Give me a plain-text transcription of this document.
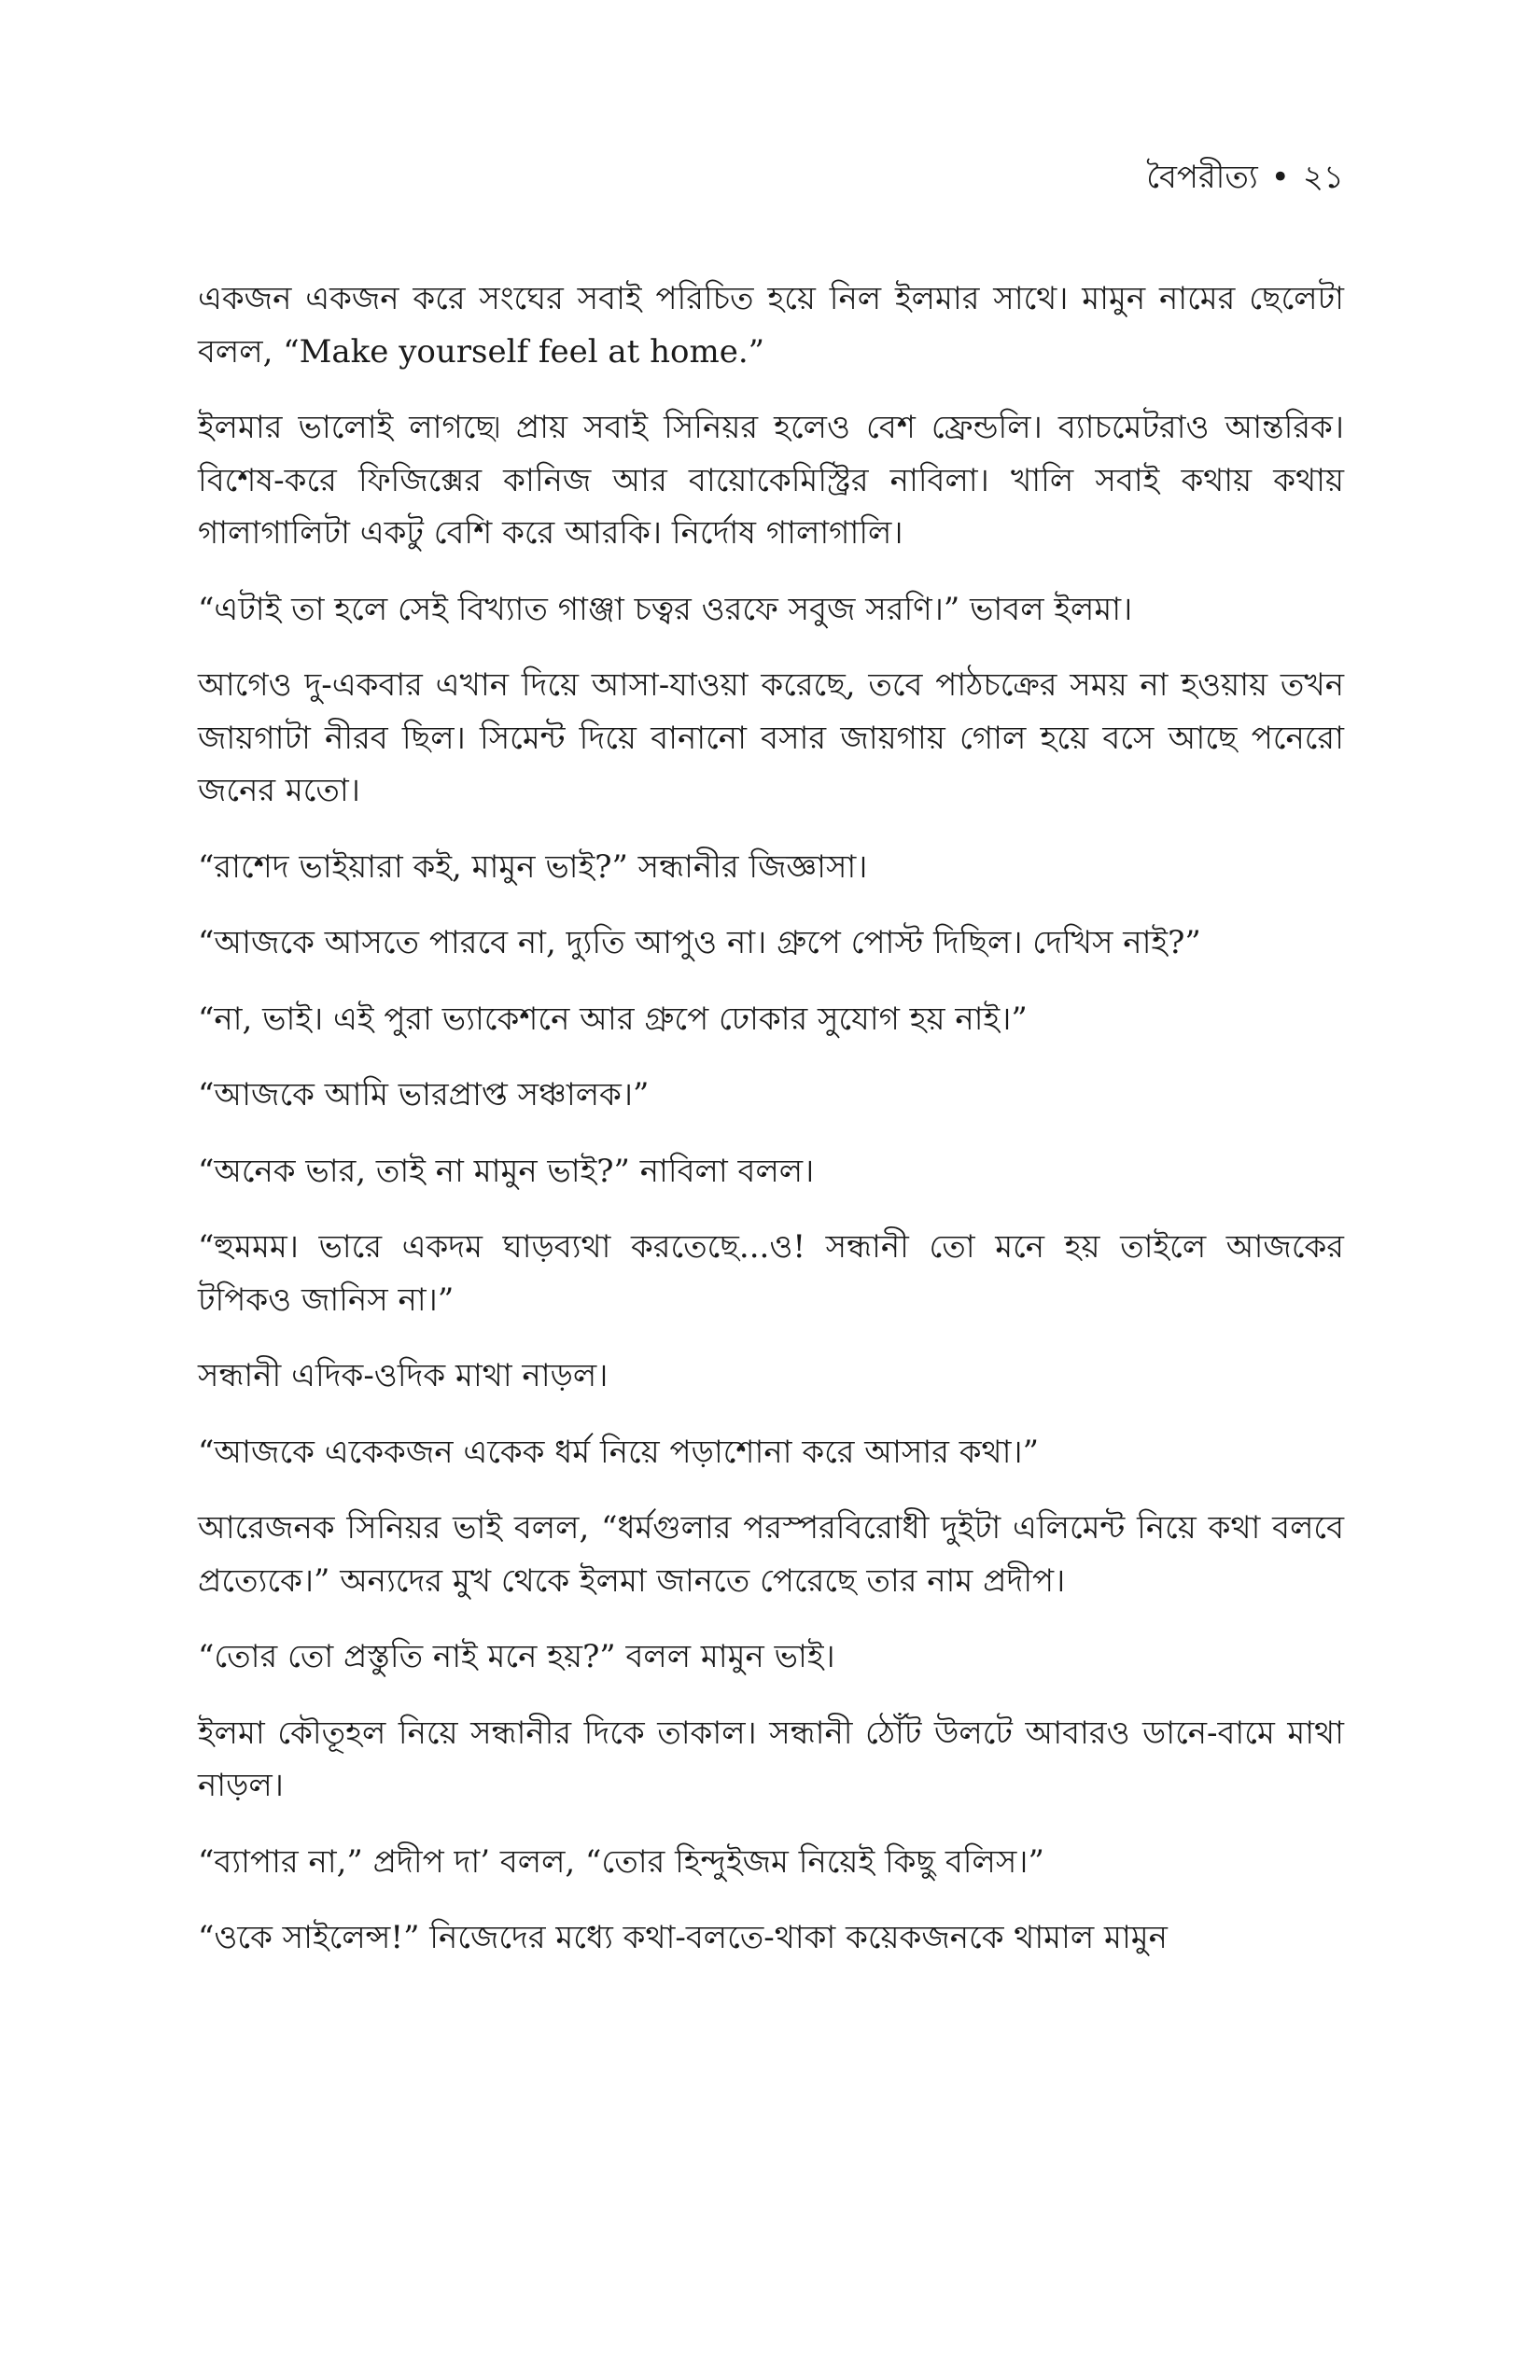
বৈপরীত্য • ২১

একজন একজন করে সংঘের সবাই পরিচিত হয়ে নিল ইলমার সাথে। মামুন নামের ছেলেটা বলল, “Make yourself feel at home.”

ইলমার ভালোই লাগছে৷ প্রায় সবাই সিনিয়র হলেও বেশ ফ্রেন্ডলি। ব্যাচমেটরাও আন্তরিক। বিশেষ-করে ফিজিক্সের কানিজ আর বায়োকেমিস্ট্রির নাবিলা। খালি সবাই কথায় কথায় গালাগালিটা একটু বেশি করে আরকি। নির্দোষ গালাগালি।

“এটাই তা হলে সেই বিখ্যাত গাঞ্জা চত্বর ওরফে সবুজ সরণি।” ভাবল ইলমা।

আগেও দু-একবার এখান দিয়ে আসা-যাওয়া করেছে, তবে পাঠচক্রের সময় না হওয়ায় তখন জায়গাটা নীরব ছিল। সিমেন্ট দিয়ে বানানো বসার জায়গায় গোল হয়ে বসে আছে পনেরো জনের মতো।

“রাশেদ ভাইয়ারা কই, মামুন ভাই?” সন্ধানীর জিজ্ঞাসা।

“আজকে আসতে পারবে না, দ্যুতি আপুও না। গ্রুপে পোস্ট দিছিল। দেখিস নাই?”

“না, ভাই। এই পুরা ভ্যাকেশনে আর গ্রুপে ঢোকার সুযোগ হয় নাই।”

“আজকে আমি ভারপ্রাপ্ত সঞ্চালক।”

“অনেক ভার, তাই না মামুন ভাই?” নাবিলা বলল।

“হুমমম। ভারে একদম ঘাড়ব্যথা করতেছে...ও! সন্ধানী তো মনে হয় তাইলে আজকের টপিকও জানিস না।”

সন্ধানী এদিক-ওদিক মাথা নাড়ল।

“আজকে একেকজন একেক ধর্ম নিয়ে পড়াশোনা করে আসার কথা।”

আরেজনক সিনিয়র ভাই বলল, “ধর্মগুলার পরস্পরবিরোধী দুইটা এলিমেন্ট নিয়ে কথা বলবে প্রত্যেকে।” অন্যদের মুখ থেকে ইলমা জানতে পেরেছে তার নাম প্রদীপ।

“তোর তো প্রস্তুতি নাই মনে হয়?” বলল মামুন ভাই।

ইলমা কৌতূহল নিয়ে সন্ধানীর দিকে তাকাল। সন্ধানী ঠোঁট উলটে আবারও ডানে-বামে মাথা নাড়ল।

“ব্যাপার না,” প্রদীপ দা’ বলল, “তোর হিন্দুইজম নিয়েই কিছু বলিস।”

“ওকে সাইলেন্স!” নিজেদের মধ্যে কথা-বলতে-থাকা কয়েকজনকে থামাল মামুন
